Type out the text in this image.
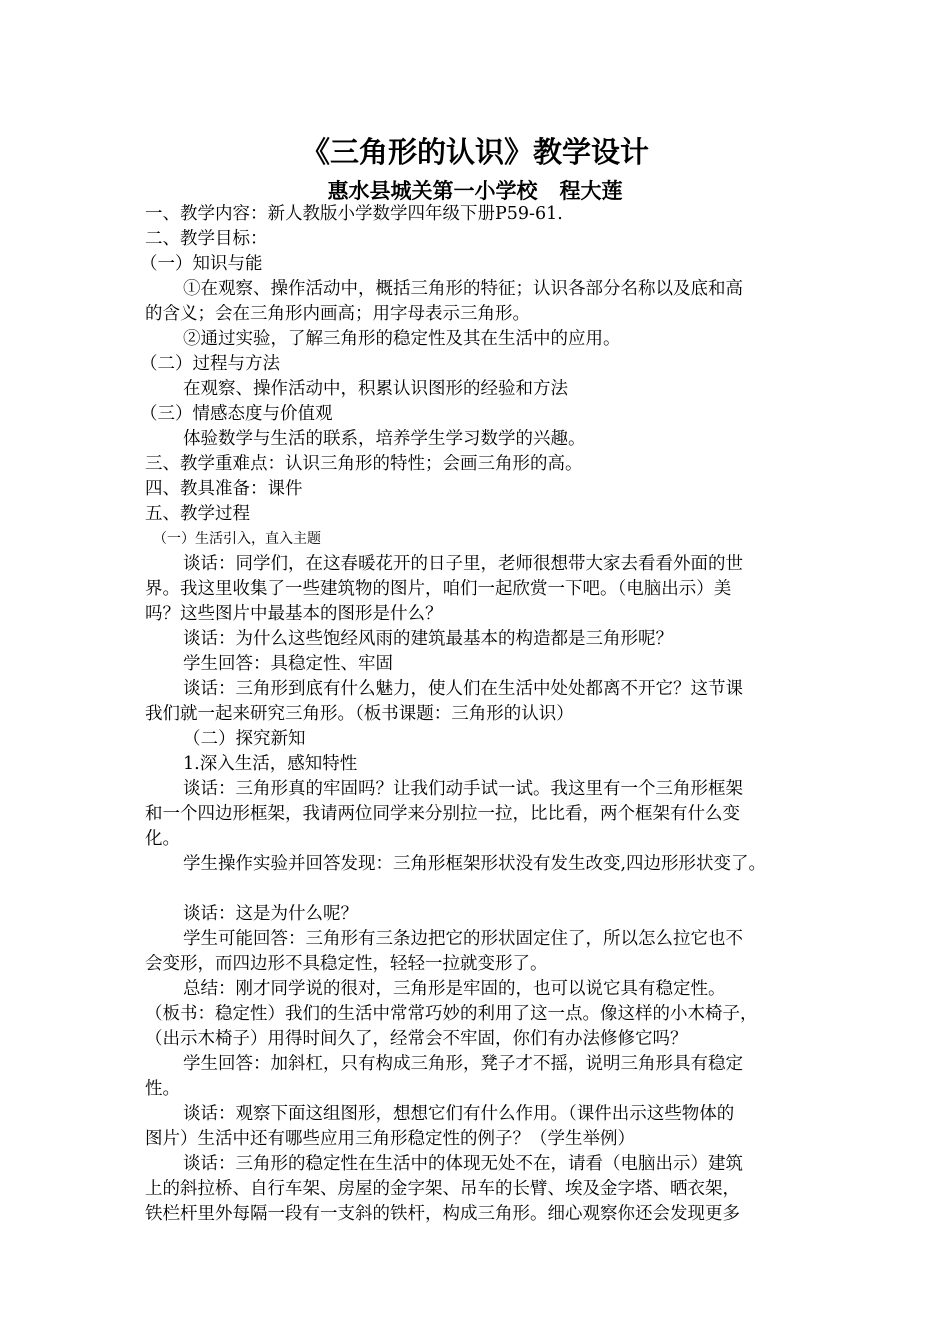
《三角形的认识》教学设计
惠水县城关第一小学校   程大莲

一、教学内容：新人教版小学数学四年级下册P59-61.

二、教学目标：

（一）知识与能

①在观察、操作活动中，概括三角形的特征；认识各部分名称以及底和高

的含义；会在三角形内画高；用字母表示三角形。

②通过实验，了解三角形的稳定性及其在生活中的应用。

（二）过程与方法

在观察、操作活动中，积累认识图形的经验和方法

（三）情感态度与价值观

体验数学与生活的联系，培养学生学习数学的兴趣。

三、教学重难点：认识三角形的特性；会画三角形的高。

四、教具准备：课件

五、教学过程

（一）生活引入，直入主题

谈话：同学们，在这春暖花开的日子里，老师很想带大家去看看外面的世

界。我这里收集了一些建筑物的图片，咱们一起欣赏一下吧。（电脑出示）美

吗？这些图片中最基本的图形是什么？

谈话：为什么这些饱经风雨的建筑最基本的构造都是三角形呢？

学生回答：具稳定性、牢固

谈话：三角形到底有什么魅力，使人们在生活中处处都离不开它？这节课

我们就一起来研究三角形。（板书课题：三角形的认识）

（二）探究新知

1.深入生活，感知特性

谈话：三角形真的牢固吗？让我们动手试一试。我这里有一个三角形框架

和一个四边形框架，我请两位同学来分别拉一拉，比比看，两个框架有什么变

化。

学生操作实验并回答发现：三角形框架形状没有发生改变,四边形形状变了。

谈话：这是为什么呢？

学生可能回答：三角形有三条边把它的形状固定住了，所以怎么拉它也不

会变形，而四边形不具稳定性，轻轻一拉就变形了。

总结：刚才同学说的很对，三角形是牢固的，也可以说它具有稳定性。

（板书：稳定性）我们的生活中常常巧妙的利用了这一点。像这样的小木椅子，

（出示木椅子）用得时间久了，经常会不牢固，你们有办法修修它吗？

学生回答：加斜杠，只有构成三角形，凳子才不摇，说明三角形具有稳定

性。

谈话：观察下面这组图形，想想它们有什么作用。（课件出示这些物体的

图片）生活中还有哪些应用三角形稳定性的例子？（学生举例）

谈话：三角形的稳定性在生活中的体现无处不在，请看（电脑出示）建筑

上的斜拉桥、自行车架、房屋的金字架、吊车的长臂、埃及金字塔、晒衣架，

铁栏杆里外每隔一段有一支斜的铁杆，构成三角形。细心观察你还会发现更多
